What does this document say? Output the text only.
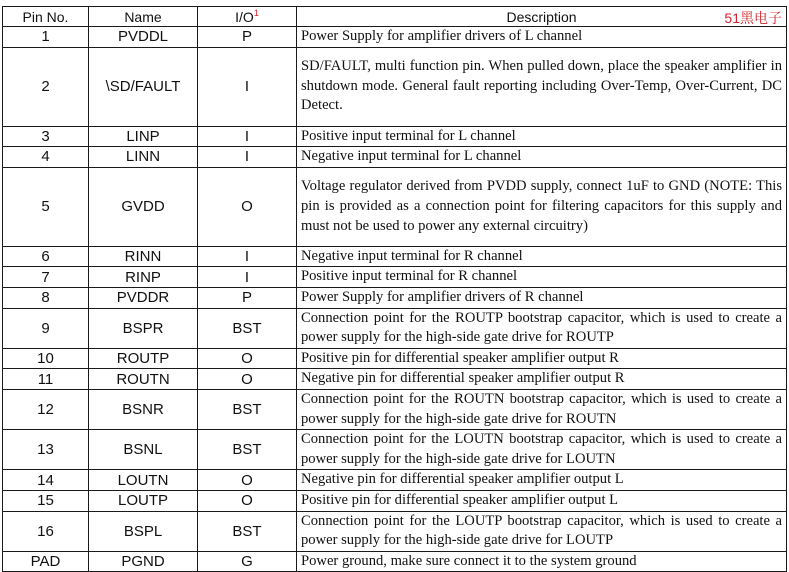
Pin No.	Name	I/O$^1$	Description 51黑电子

1	PVDDL	P	Power Supply for amplifier drivers of L channel
2	\SD/FAULT	I	SD/FAULT, multi function pin. When pulled down, place the speaker amplifier in shutdown mode. General fault reporting including Over-Temp, Over-Current, DC Detect.
3	LINP	I	Positive input terminal for L channel
4	LINN	I	Negative input terminal for L channel
5	GVDD	O	Voltage regulator derived from PVDD supply, connect 1uF to GND (NOTE: This pin is provided as a connection point for filtering capacitors for this supply and must not be used to power any external circuitry)
6	RINN	I	Negative input terminal for R channel
7	RINP	I	Positive input terminal for R channel
8	PVDDR	P	Power Supply for amplifier drivers of R channel
9	BSPR	BST	Connection point for the ROUTP bootstrap capacitor, which is used to create a power supply for the high-side gate drive for ROUTP
10	ROUTP	O	Positive pin for differential speaker amplifier output R
11	ROUTN	O	Negative pin for differential speaker amplifier output R
12	BSNR	BST	Connection point for the ROUTN bootstrap capacitor, which is used to create a power supply for the high-side gate drive for ROUTN
13	BSNL	BST	Connection point for the LOUTN bootstrap capacitor, which is used to create a power supply for the high-side gate drive for LOUTN
14	LOUTN	O	Negative pin for differential speaker amplifier output L
15	LOUTP	O	Positive pin for differential speaker amplifier output L
16	BSPL	BST	Connection point for the LOUTP bootstrap capacitor, which is used to create a power supply for the high-side gate drive for LOUTP
PAD	PGND	G	Power ground, make sure connect it to the system ground
